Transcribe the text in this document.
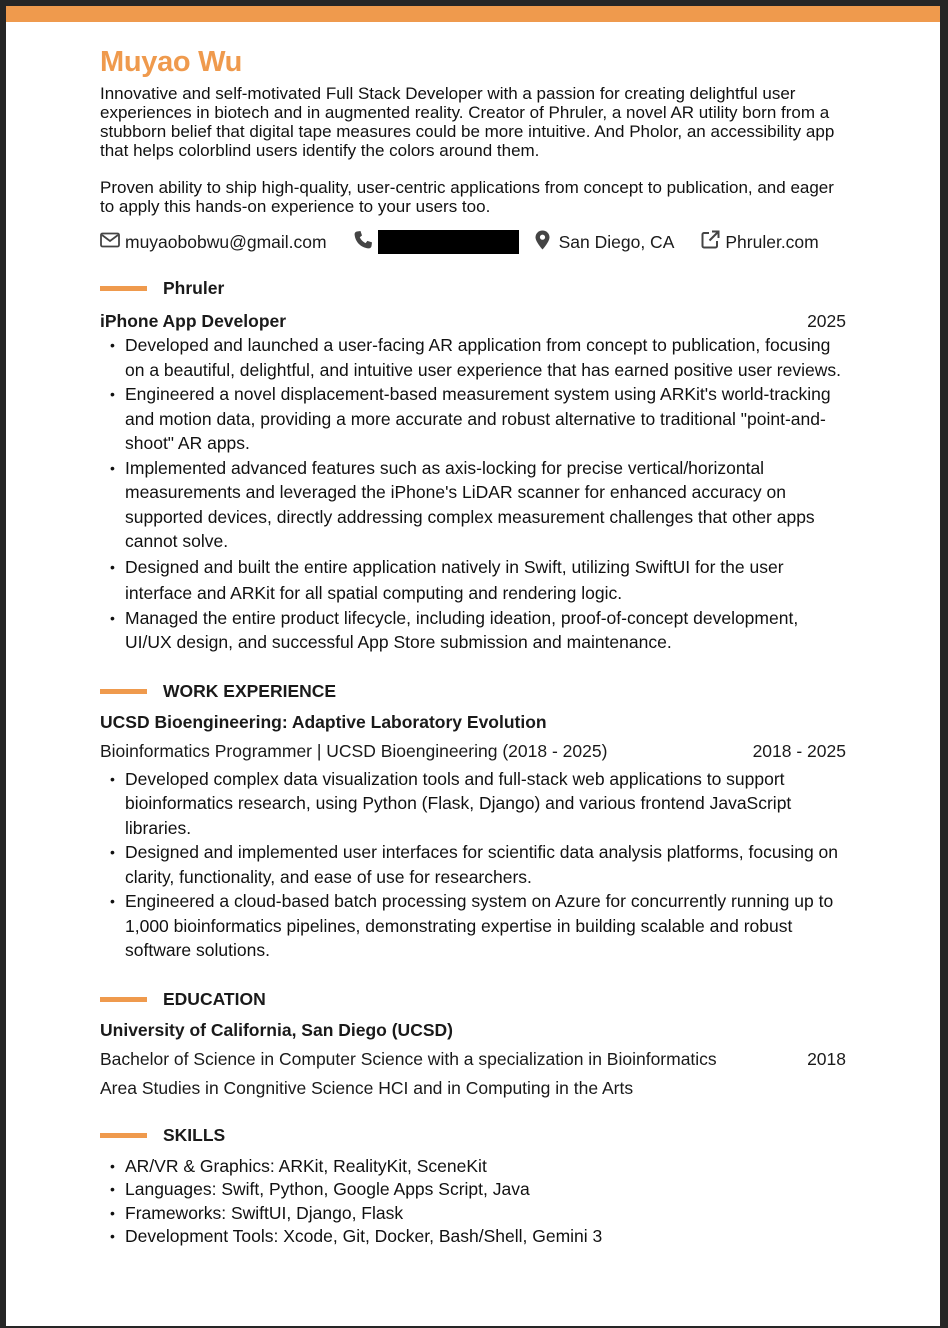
Muyao Wu

Innovative and self-motivated Full Stack Developer with a passion for creating delightful user experiences in biotech and in augmented reality. Creator of Phruler, a novel AR utility born from a stubborn belief that digital tape measures could be more intuitive. And Pholor, an accessibility app that helps colorblind users identify the colors around them.

Proven ability to ship high-quality, user-centric applications from concept to publication, and eager to apply this hands-on experience to your users too.

muyaobobwu@gmail.com	San Diego, CA	Phruler.com
Phruler
iPhone App Developer	2025
• Developed and launched a user-facing AR application from concept to publication, focusing on a beautiful, delightful, and intuitive user experience that has earned positive user reviews.
• Engineered a novel displacement-based measurement system using ARKit's world-tracking and motion data, providing a more accurate and robust alternative to traditional "point-and-shoot" AR apps.
• Implemented advanced features such as axis-locking for precise vertical/horizontal measurements and leveraged the iPhone's LiDAR scanner for enhanced accuracy on supported devices, directly addressing complex measurement challenges that other apps cannot solve.
• Designed and built the entire application natively in Swift, utilizing SwiftUI for the user interface and ARKit for all spatial computing and rendering logic.
• Managed the entire product lifecycle, including ideation, proof-of-concept development, UI/UX design, and successful App Store submission and maintenance.
WORK EXPERIENCE
UCSD Bioengineering: Adaptive Laboratory Evolution
Bioinformatics Programmer | UCSD Bioengineering (2018 - 2025)	2018 - 2025
• Developed complex data visualization tools and full-stack web applications to support bioinformatics research, using Python (Flask, Django) and various frontend JavaScript libraries.
• Designed and implemented user interfaces for scientific data analysis platforms, focusing on clarity, functionality, and ease of use for researchers.
• Engineered a cloud-based batch processing system on Azure for concurrently running up to 1,000 bioinformatics pipelines, demonstrating expertise in building scalable and robust software solutions.
EDUCATION
University of California, San Diego (UCSD)
Bachelor of Science in Computer Science with a specialization in Bioinformatics	2018
Area Studies in Congnitive Science HCI and in Computing in the Arts
SKILLS
• AR/VR & Graphics: ARKit, RealityKit, SceneKit
• Languages: Swift, Python, Google Apps Script, Java
• Frameworks: SwiftUI, Django, Flask
• Development Tools: Xcode, Git, Docker, Bash/Shell, Gemini 3
